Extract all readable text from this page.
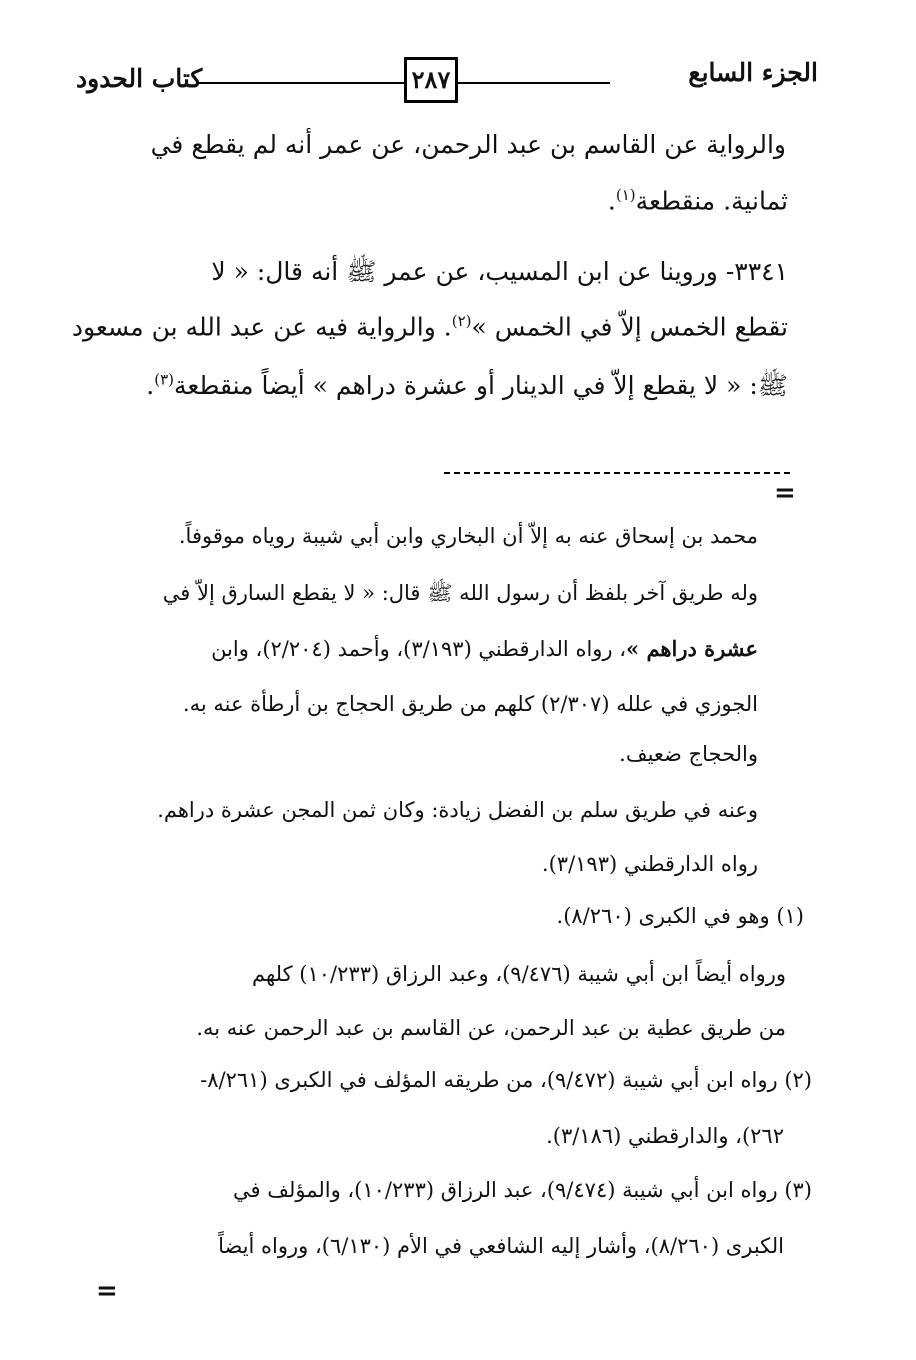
الجزء السابع
٢٨٧
كتاب الحدود
والرواية عن القاسم بن عبد الرحمن، عن عمر أنه لم يقطع في
ثمانية. منقطعة$^{(١)}$.
٣٣٤١- وروينا عن ابن المسيب، عن عمر ﷺ أنه قال: « لا
تقطع الخمس إلاّ في الخمس »$^{(٢)}$. والرواية فيه عن عبد الله بن مسعود
ﷺ: « لا يقطع إلاّ في الدينار أو عشرة دراهم » أيضاً منقطعة$^{(٣)}$.
=
محمد بن إسحاق عنه به إلاّ أن البخاري وابن أبي شيبة روياه موقوفاً.
وله طريق آخر بلفظ أن رسول الله ﷺ قال: « لا يقطع السارق إلاّ في
عشرة دراهم »، رواه الدارقطني (٣/١٩٣)، وأحمد (٢/٢٠٤)، وابن
الجوزي في علله (٢/٣٠٧) كلهم من طريق الحجاج بن أرطأة عنه به.
والحجاج ضعيف.
وعنه في طريق سلم بن الفضل زيادة: وكان ثمن المجن عشرة دراهم.
رواه الدارقطني (٣/١٩٣).
(١) وهو في الكبرى (٨/٢٦٠).
ورواه أيضاً ابن أبي شيبة (٩/٤٧٦)، وعبد الرزاق (١٠/٢٣٣) كلهم
من طريق عطية بن عبد الرحمن، عن القاسم بن عبد الرحمن عنه به.
(٢) رواه ابن أبي شيبة (٩/٤٧٢)، من طريقه المؤلف في الكبرى (٨/٢٦١-
٢٦٢)، والدارقطني (٣/١٨٦).
(٣) رواه ابن أبي شيبة (٩/٤٧٤)، عبد الرزاق (١٠/٢٣٣)، والمؤلف في
الكبرى (٨/٢٦٠)، وأشار إليه الشافعي في الأم (٦/١٣٠)، ورواه أيضاً
=
